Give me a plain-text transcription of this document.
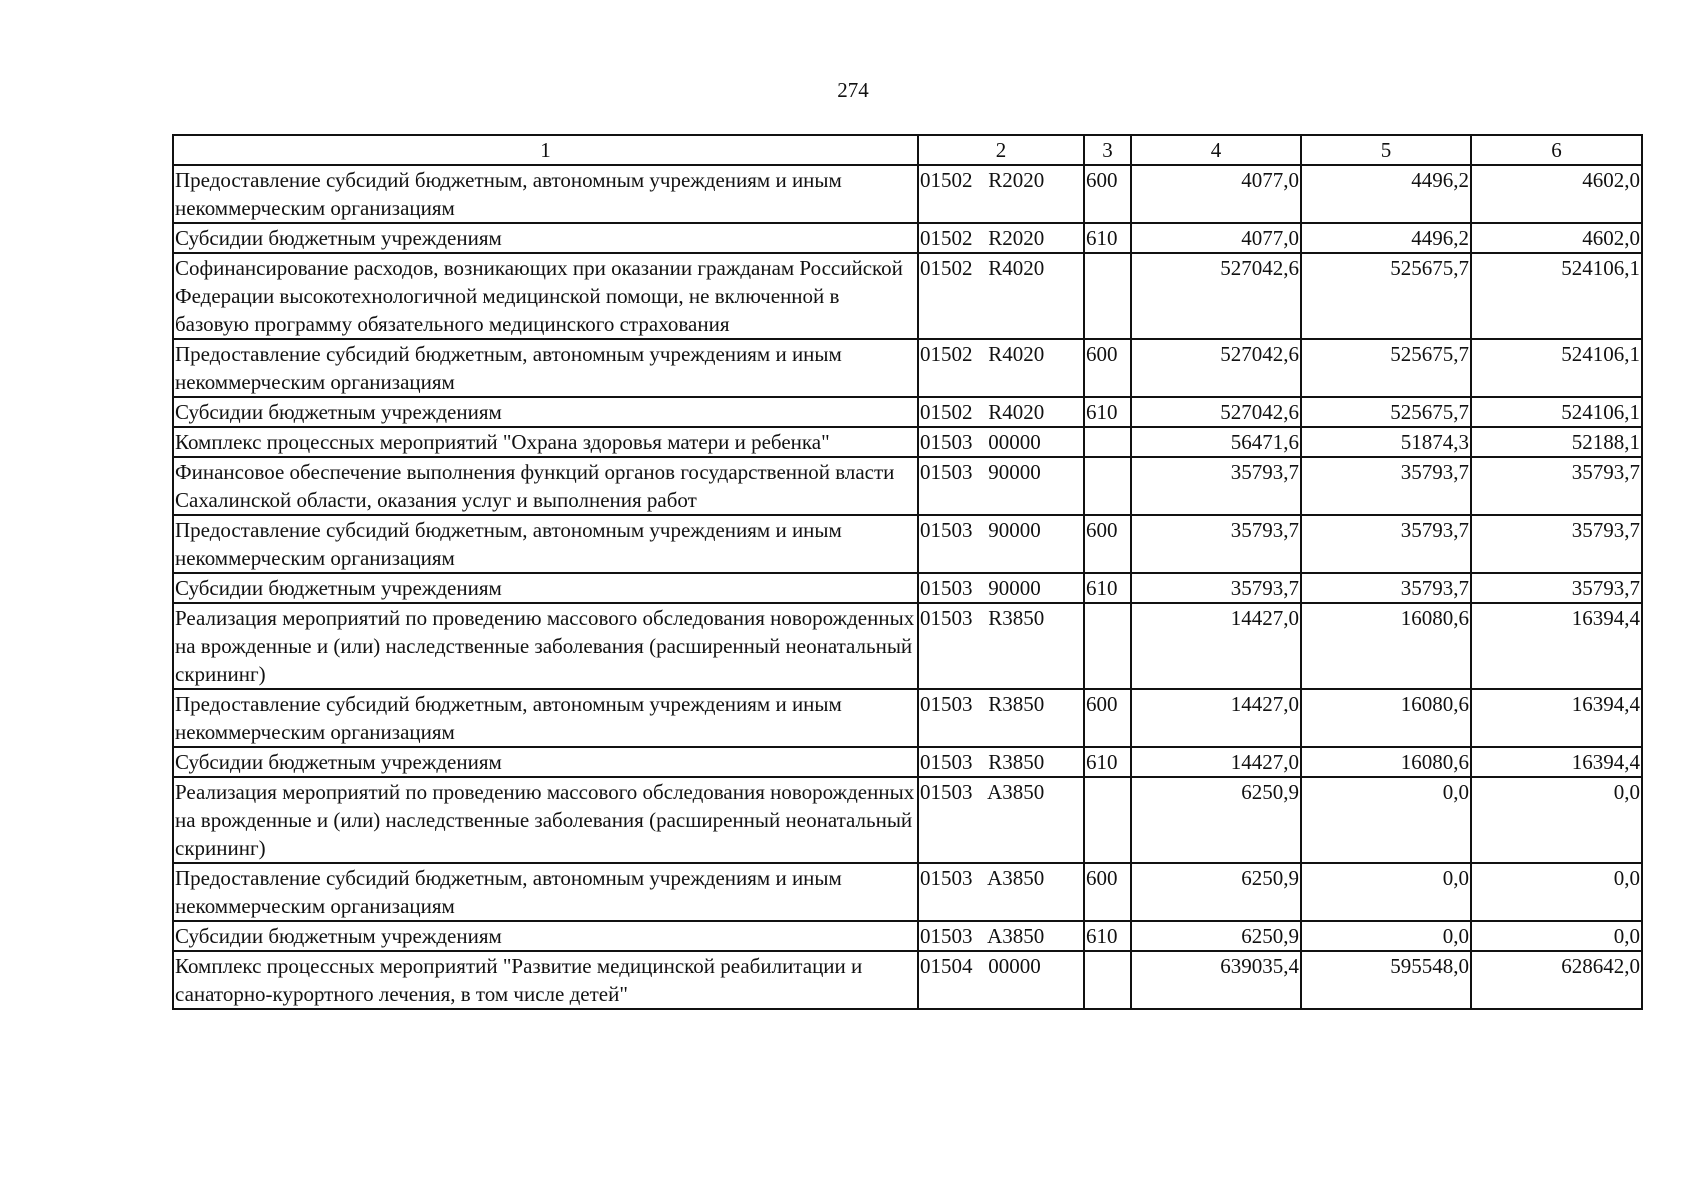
274
1	2	3	4	5	6
Предоставление субсидий бюджетным, автономным учреждениям и иным некоммерческим организациям	01502   R2020	600	4077,0	4496,2	4602,0
Субсидии бюджетным учреждениям	01502   R2020	610	4077,0	4496,2	4602,0
Софинансирование расходов, возникающих при оказании гражданам Российской Федерации высокотехнологичной медицинской помощи, не включенной в базовую программу обязательного медицинского страхования	01502   R4020		527042,6	525675,7	524106,1
Предоставление субсидий бюджетным, автономным учреждениям и иным некоммерческим организациям	01502   R4020	600	527042,6	525675,7	524106,1
Субсидии бюджетным учреждениям	01502   R4020	610	527042,6	525675,7	524106,1
Комплекс процессных мероприятий "Охрана здоровья матери и ребенка"	01503   00000		56471,6	51874,3	52188,1
Финансовое обеспечение выполнения функций органов государственной власти Сахалинской области, оказания услуг и выполнения работ	01503   90000		35793,7	35793,7	35793,7
Предоставление субсидий бюджетным, автономным учреждениям и иным некоммерческим организациям	01503   90000	600	35793,7	35793,7	35793,7
Субсидии бюджетным учреждениям	01503   90000	610	35793,7	35793,7	35793,7
Реализация мероприятий по проведению массового обследования новорожденных на врожденные и (или) наследственные заболевания (расширенный неонатальный скрининг)	01503   R3850		14427,0	16080,6	16394,4
Предоставление субсидий бюджетным, автономным учреждениям и иным некоммерческим организациям	01503   R3850	600	14427,0	16080,6	16394,4
Субсидии бюджетным учреждениям	01503   R3850	610	14427,0	16080,6	16394,4
Реализация мероприятий по проведению массового обследования новорожденных на врожденные и (или) наследственные заболевания (расширенный неонатальный скрининг)	01503   A3850		6250,9	0,0	0,0
Предоставление субсидий бюджетным, автономным учреждениям и иным некоммерческим организациям	01503   A3850	600	6250,9	0,0	0,0
Субсидии бюджетным учреждениям	01503   A3850	610	6250,9	0,0	0,0
Комплекс процессных мероприятий "Развитие медицинской реабилитации и санаторно-курортного лечения, в том числе детей"	01504   00000		639035,4	595548,0	628642,0
